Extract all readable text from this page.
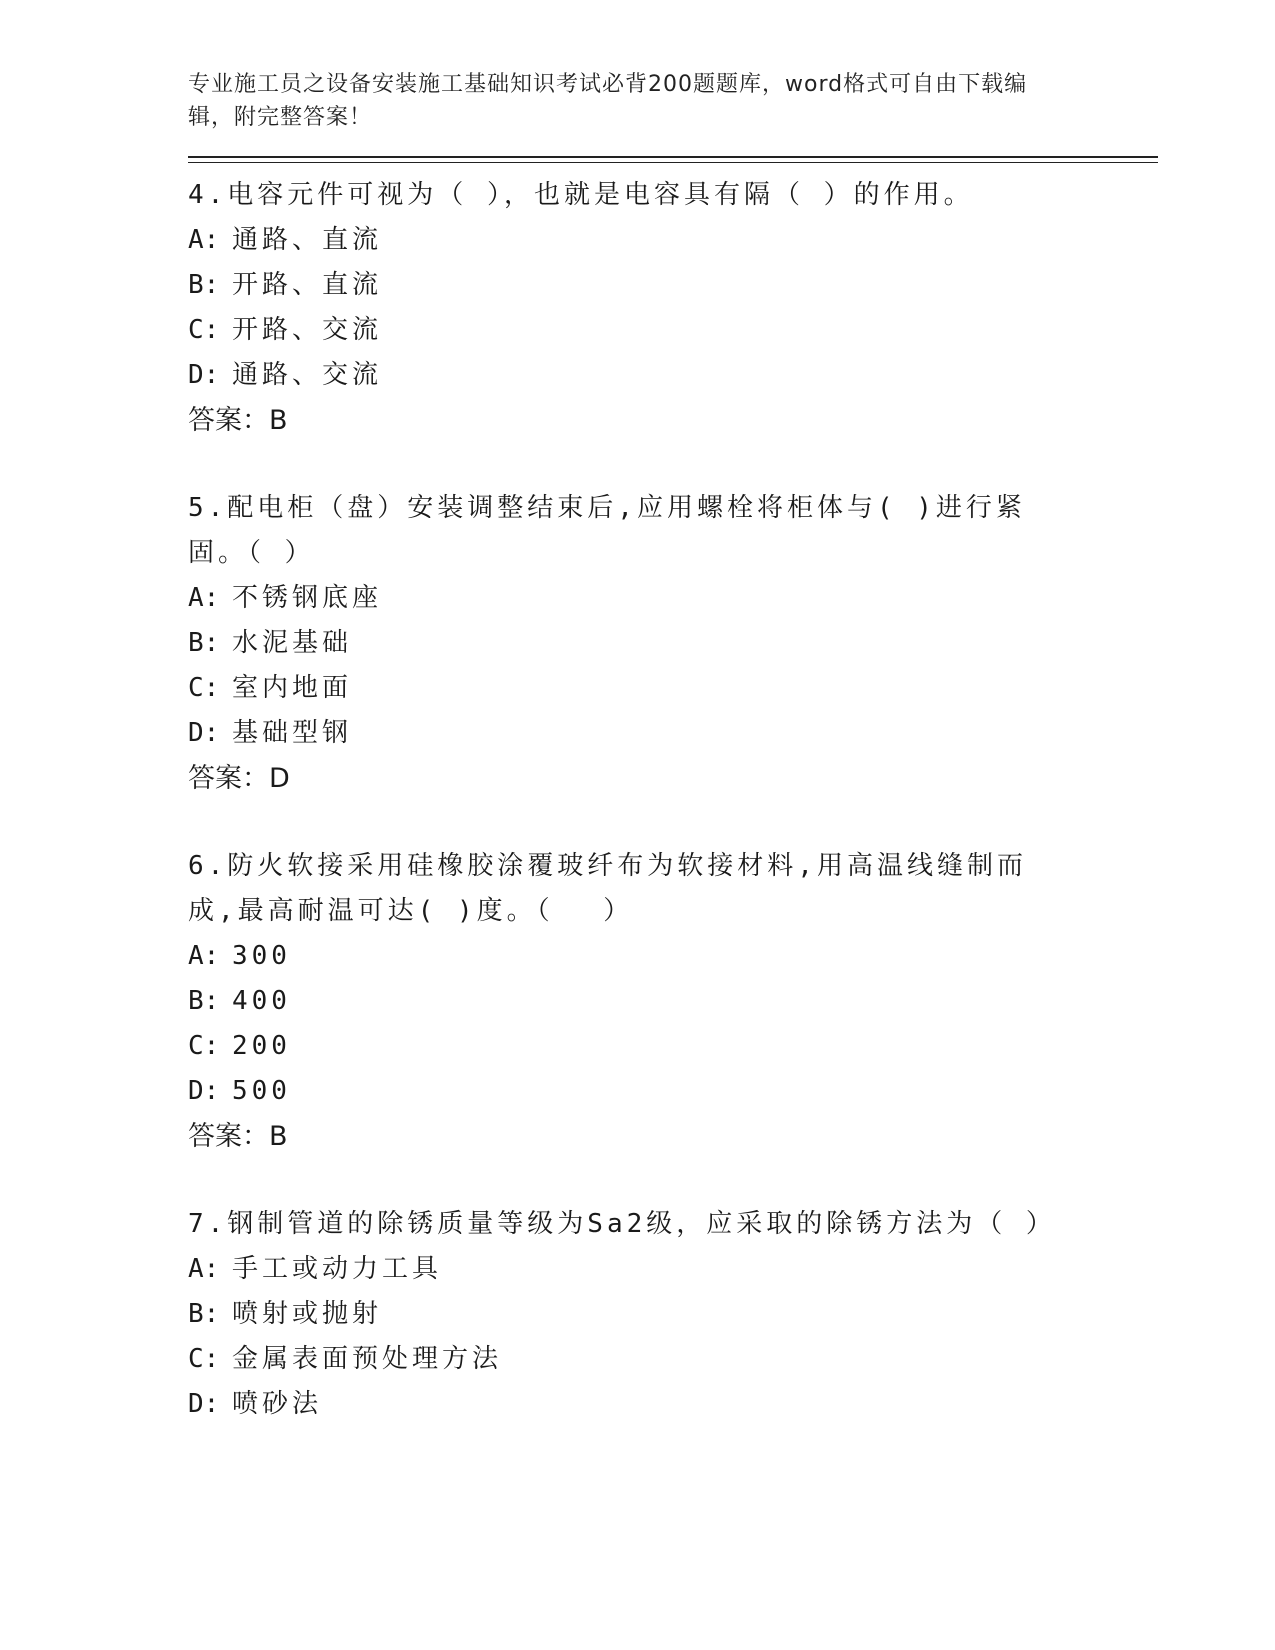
专业施工员之设备安装施工基础知识考试必背200题题库，word格式可自由下载编辑，附完整答案！

4.电容元件可视为（ ），也就是电容具有隔（ ）的作用。

A: 通路、直流

B: 开路、直流

C: 开路、交流

D: 通路、交流

答案：B

5.配电柜（盘）安装调整结束后,应用螺栓将柜体与( )进行紧固。（ ）

A: 不锈钢底座

B: 水泥基础

C: 室内地面

D: 基础型钢

答案：D

6.防火软接采用硅橡胶涂覆玻纤布为软接材料,用高温线缝制而成,最高耐温可达( )度。（　 ）

A: 300

B: 400

C: 200

D: 500

答案：B

7.钢制管道的除锈质量等级为Sa2级，应采取的除锈方法为（ ）

A: 手工或动力工具

B: 喷射或抛射

C: 金属表面预处理方法

D: 喷砂法
